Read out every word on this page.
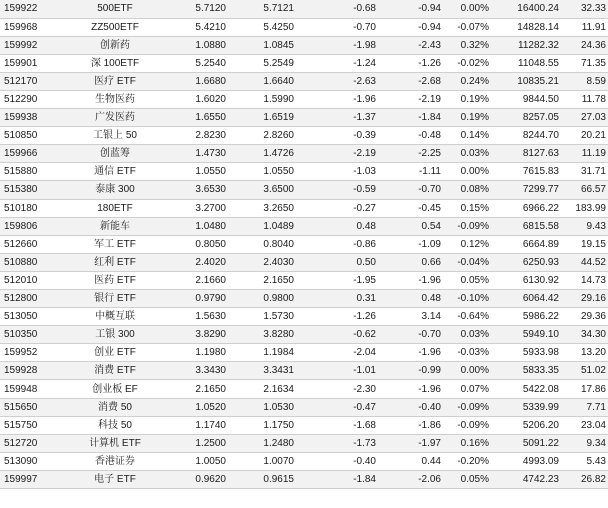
159922	500ETF	5.7120	5.7121	-0.68	-0.94	0.00%	16400.24	32.33
159968	ZZ500ETF	5.4210	5.4250	-0.70	-0.94	-0.07%	14828.14	11.91
159992	创新药	1.0880	1.0845	-1.98	-2.43	0.32%	11282.32	24.36
159901	深 100ETF	5.2540	5.2549	-1.24	-1.26	-0.02%	11048.55	71.35
512170	医疗 ETF	1.6680	1.6640	-2.63	-2.68	0.24%	10835.21	8.59
512290	生物医药	1.6020	1.5990	-1.96	-2.19	0.19%	9844.50	11.78
159938	广发医药	1.6550	1.6519	-1.37	-1.84	0.19%	8257.05	27.03
510850	工银上 50	2.8230	2.8260	-0.39	-0.48	0.14%	8244.70	20.21
159966	创蓝筹	1.4730	1.4726	-2.19	-2.25	0.03%	8127.63	11.19
515880	通信 ETF	1.0550	1.0550	-1.03	-1.11	0.00%	7615.83	31.71
515380	泰康 300	3.6530	3.6500	-0.59	-0.70	0.08%	7299.77	66.57
510180	180ETF	3.2700	3.2650	-0.27	-0.45	0.15%	6966.22	183.99
159806	新能车	1.0480	1.0489	0.48	0.54	-0.09%	6815.58	9.43
512660	军工 ETF	0.8050	0.8040	-0.86	-1.09	0.12%	6664.89	19.15
510880	红利 ETF	2.4020	2.4030	0.50	0.66	-0.04%	6250.93	44.52
512010	医药 ETF	2.1660	2.1650	-1.95	-1.96	0.05%	6130.92	14.73
512800	银行 ETF	0.9790	0.9800	0.31	0.48	-0.10%	6064.42	29.16
513050	中概互联	1.5630	1.5730	-1.26	3.14	-0.64%	5986.22	29.36
510350	工银 300	3.8290	3.8280	-0.62	-0.70	0.03%	5949.10	34.30
159952	创业 ETF	1.1980	1.1984	-2.04	-1.96	-0.03%	5933.98	13.20
159928	消费 ETF	3.3430	3.3431	-1.01	-0.99	0.00%	5833.35	51.02
159948	创业板 EF	2.1650	2.1634	-2.30	-1.96	0.07%	5422.08	17.86
515650	消费 50	1.0520	1.0530	-0.47	-0.40	-0.09%	5339.99	7.71
515750	科技 50	1.1740	1.1750	-1.68	-1.86	-0.09%	5206.20	23.04
512720	计算机 ETF	1.2500	1.2480	-1.73	-1.97	0.16%	5091.22	9.34
513090	香港证券	1.0050	1.0070	-0.40	0.44	-0.20%	4993.09	5.43
159997	电子 ETF	0.9620	0.9615	-1.84	-2.06	0.05%	4742.23	26.82
